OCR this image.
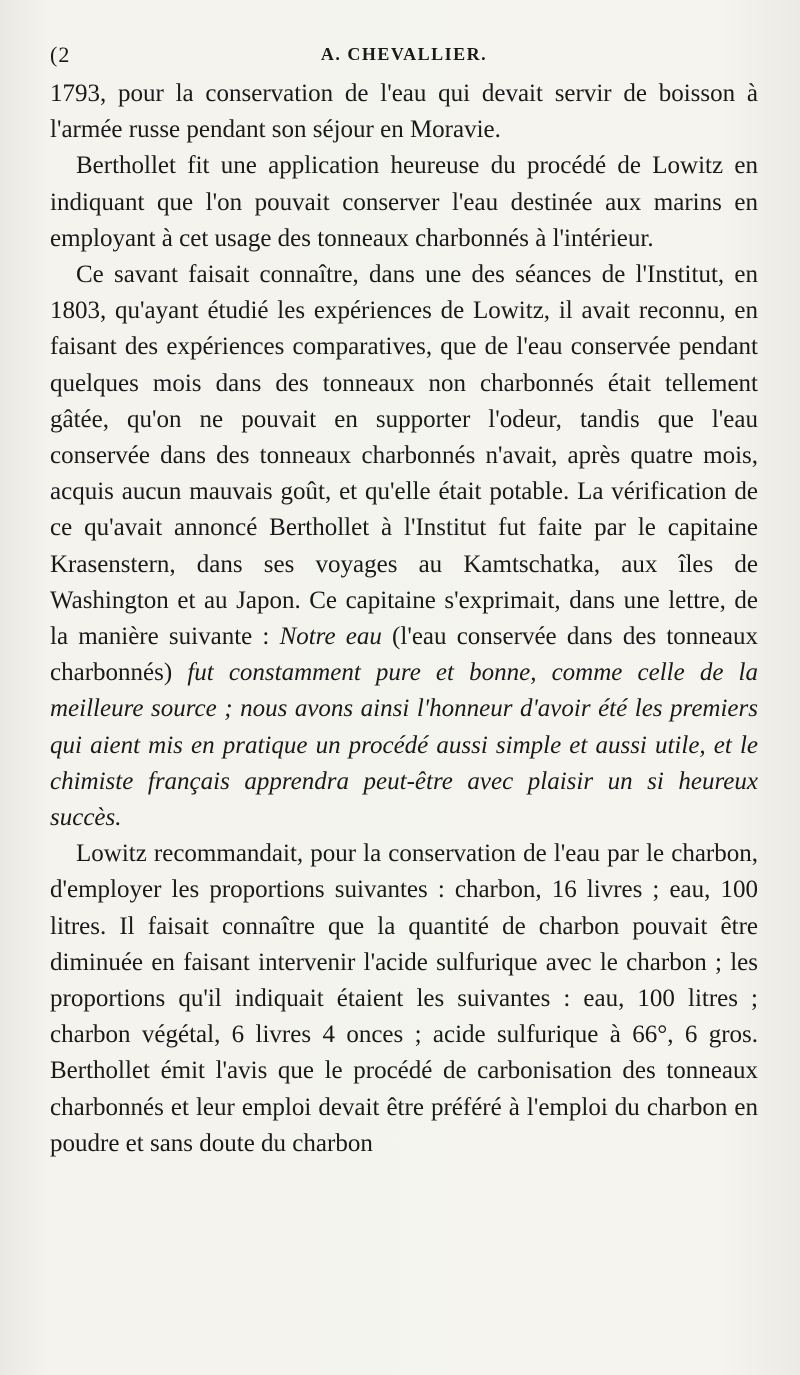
(2	A. CHEVALLIER.

1793, pour la conservation de l'eau qui devait servir de boisson à l'armée russe pendant son séjour en Moravie.

Berthollet fit une application heureuse du procédé de Lowitz en indiquant que l'on pouvait conserver l'eau destinée aux marins en employant à cet usage des tonneaux charbonnés à l'intérieur.

Ce savant faisait connaître, dans une des séances de l'Institut, en 1803, qu'ayant étudié les expériences de Lowitz, il avait reconnu, en faisant des expériences comparatives, que de l'eau conservée pendant quelques mois dans des tonneaux non charbonnés était tellement gâtée, qu'on ne pouvait en supporter l'odeur, tandis que l'eau conservée dans des tonneaux charbonnés n'avait, après quatre mois, acquis aucun mauvais goût, et qu'elle était potable. La vérification de ce qu'avait annoncé Berthollet à l'Institut fut faite par le capitaine Krasenstern, dans ses voyages au Kamtschatka, aux îles de Washington et au Japon. Ce capitaine s'exprimait, dans une lettre, de la manière suivante : Notre eau (l'eau conservée dans des tonneaux charbonnés) fut constamment pure et bonne, comme celle de la meilleure source ; nous avons ainsi l'honneur d'avoir été les premiers qui aient mis en pratique un procédé aussi simple et aussi utile, et le chimiste français apprendra peut-être avec plaisir un si heureux succès.

Lowitz recommandait, pour la conservation de l'eau par le charbon, d'employer les proportions suivantes : charbon, 16 livres ; eau, 100 litres. Il faisait connaître que la quantité de charbon pouvait être diminuée en faisant intervenir l'acide sulfurique avec le charbon ; les proportions qu'il indiquait étaient les suivantes : eau, 100 litres ; charbon végétal, 6 livres 4 onces ; acide sulfurique à 66°, 6 gros. Berthollet émit l'avis que le procédé de carbonisation des tonneaux charbonnés et leur emploi devait être préféré à l'emploi du charbon en poudre et sans doute du charbon
